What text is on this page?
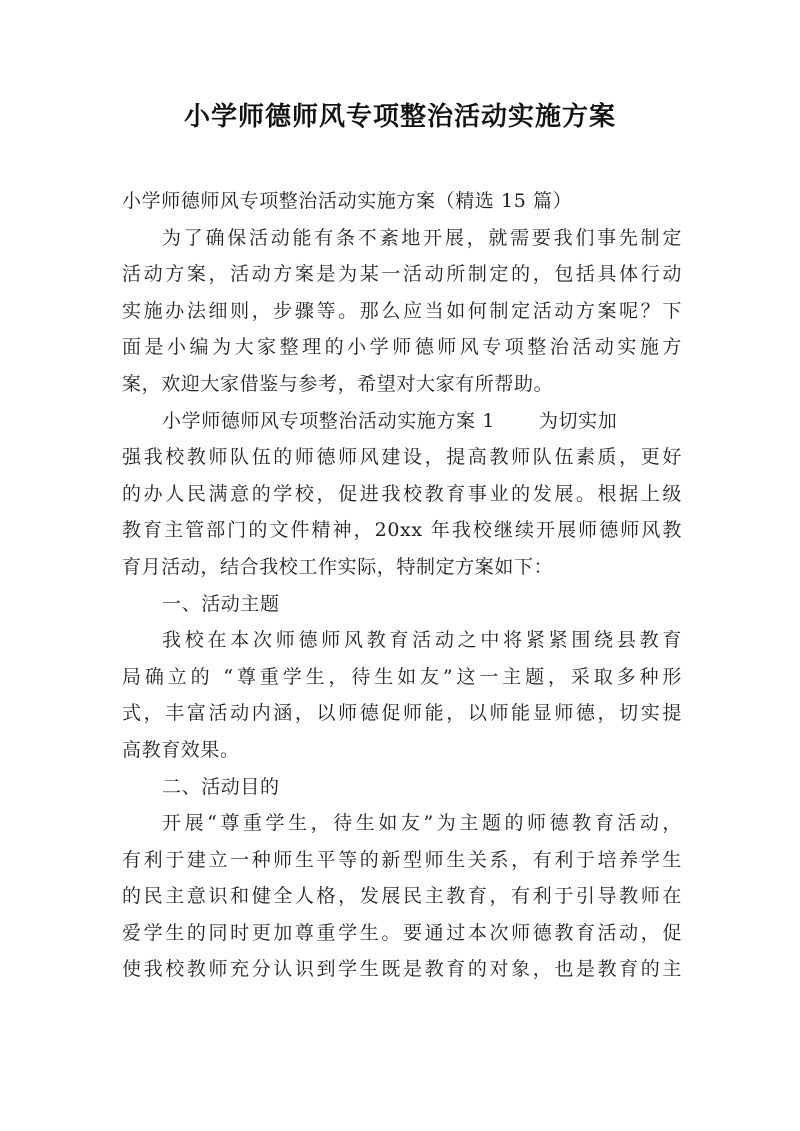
小学师德师风专项整治活动实施方案
小学师德师风专项整治活动实施方案（精选 15 篇）
为了确保活动能有条不紊地开展，就需要我们事先制定
活动方案，活动方案是为某一活动所制定的，包括具体行动
实施办法细则，步骤等。那么应当如何制定活动方案呢？下
面是小编为大家整理的小学师德师风专项整治活动实施方
案，欢迎大家借鉴与参考，希望对大家有所帮助。
小学师德师风专项整治活动实施方案 1 为切实加
强我校教师队伍的师德师风建设，提高教师队伍素质，更好
的办人民满意的学校，促进我校教育事业的发展。根据上级
教育主管部门的文件精神，20xx 年我校继续开展师德师风教
育月活动，结合我校工作实际，特制定方案如下：
一、活动主题
我校在本次师德师风教育活动之中将紧紧围绕县教育
局确立的 “尊重学生，待生如友”这一主题，采取多种形
式，丰富活动内涵，以师德促师能，以师能显师德，切实提
高教育效果。
二、活动目的
开展“尊重学生，待生如友”为主题的师德教育活动，
有利于建立一种师生平等的新型师生关系，有利于培养学生
的民主意识和健全人格，发展民主教育，有利于引导教师在
爱学生的同时更加尊重学生。要通过本次师德教育活动，促
使我校教师充分认识到学生既是教育的对象，也是教育的主
